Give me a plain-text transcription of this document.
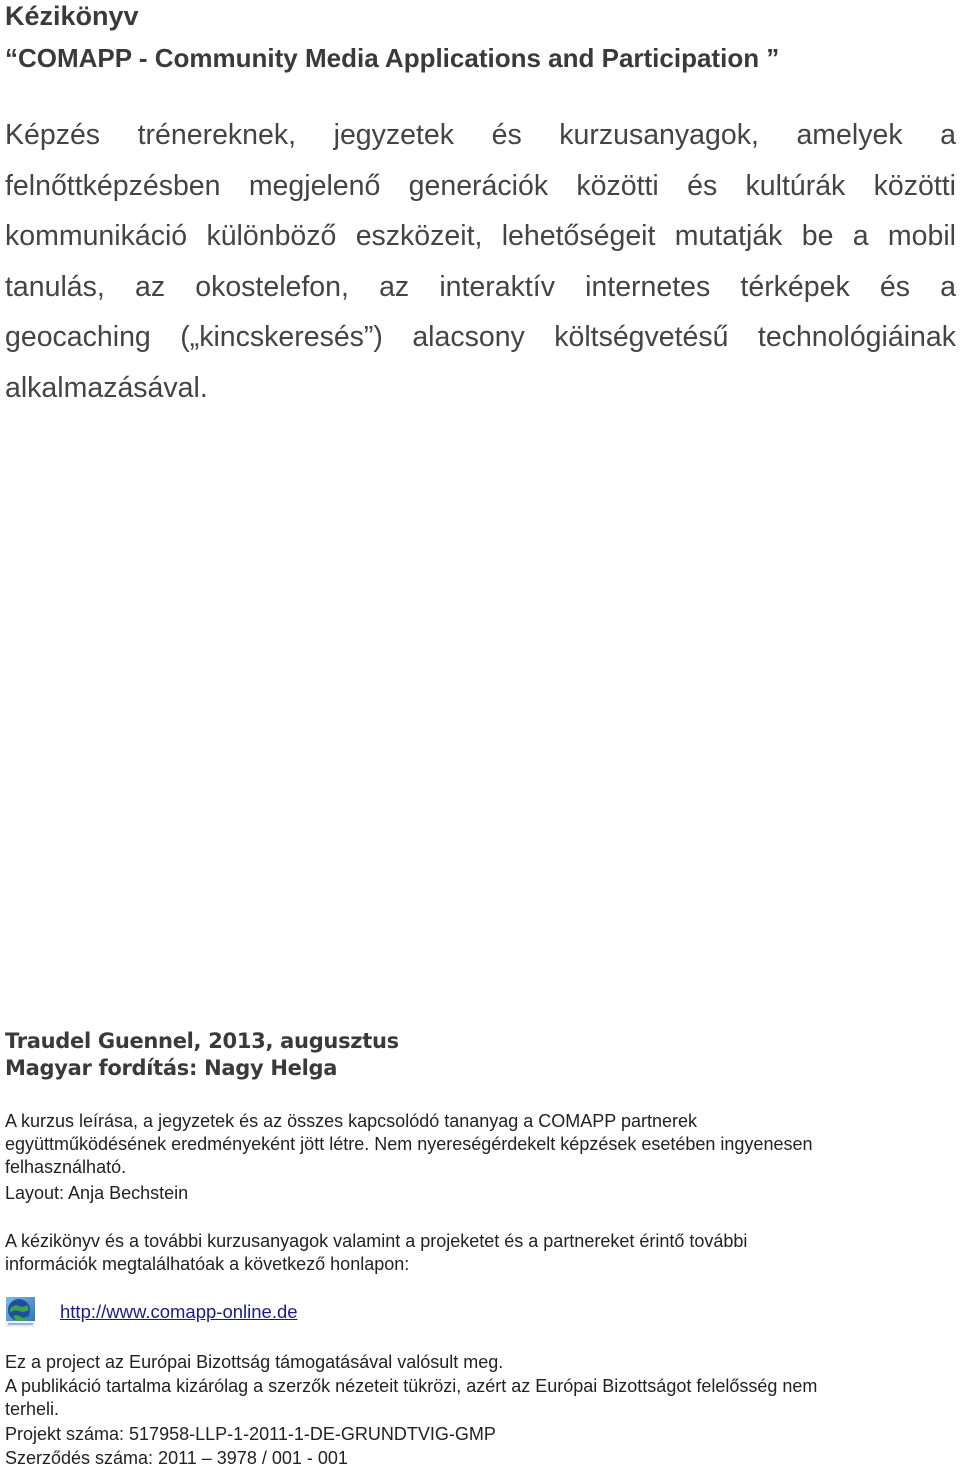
Kézikönyv
“COMAPP - Community Media Applications and Participation ”

Képzés trénereknek, jegyzetek és kurzusanyagok, amelyek a
felnőttképzésben megjelenő generációk közötti és kultúrák közötti
kommunikáció különböző eszközeit, lehetőségeit mutatják be a mobil
tanulás, az okostelefon, az interaktív internetes térképek és a
geocaching („kincskeresés”) alacsony költségvetésű technológiáinak
alkalmazásával.

Traudel Guennel, 2013, augusztus
Magyar fordítás: Nagy Helga

A kurzus leírása, a jegyzetek és az összes kapcsolódó tananyag a COMAPP partnerek
együttműködésének eredményeként jött létre. Nem nyereségérdekelt képzések esetében ingyenesen
felhasználható.

Layout: Anja Bechstein

A kézikönyv és a további kurzusanyagok valamint a projeketet és a partnereket érintő további
információk megtalálhatóak a következő honlapon:

http://www.comapp-online.de

Ez a project az Európai Bizottság támogatásával valósult meg.

A publikáció tartalma kizárólag a szerzők nézeteit tükrözi, azért az Európai Bizottságot felelősség nem
terheli.

Projekt száma: 517958-LLP-1-2011-1-DE-GRUNDTVIG-GMP

Szerződés száma: 2011 – 3978 / 001 - 001
